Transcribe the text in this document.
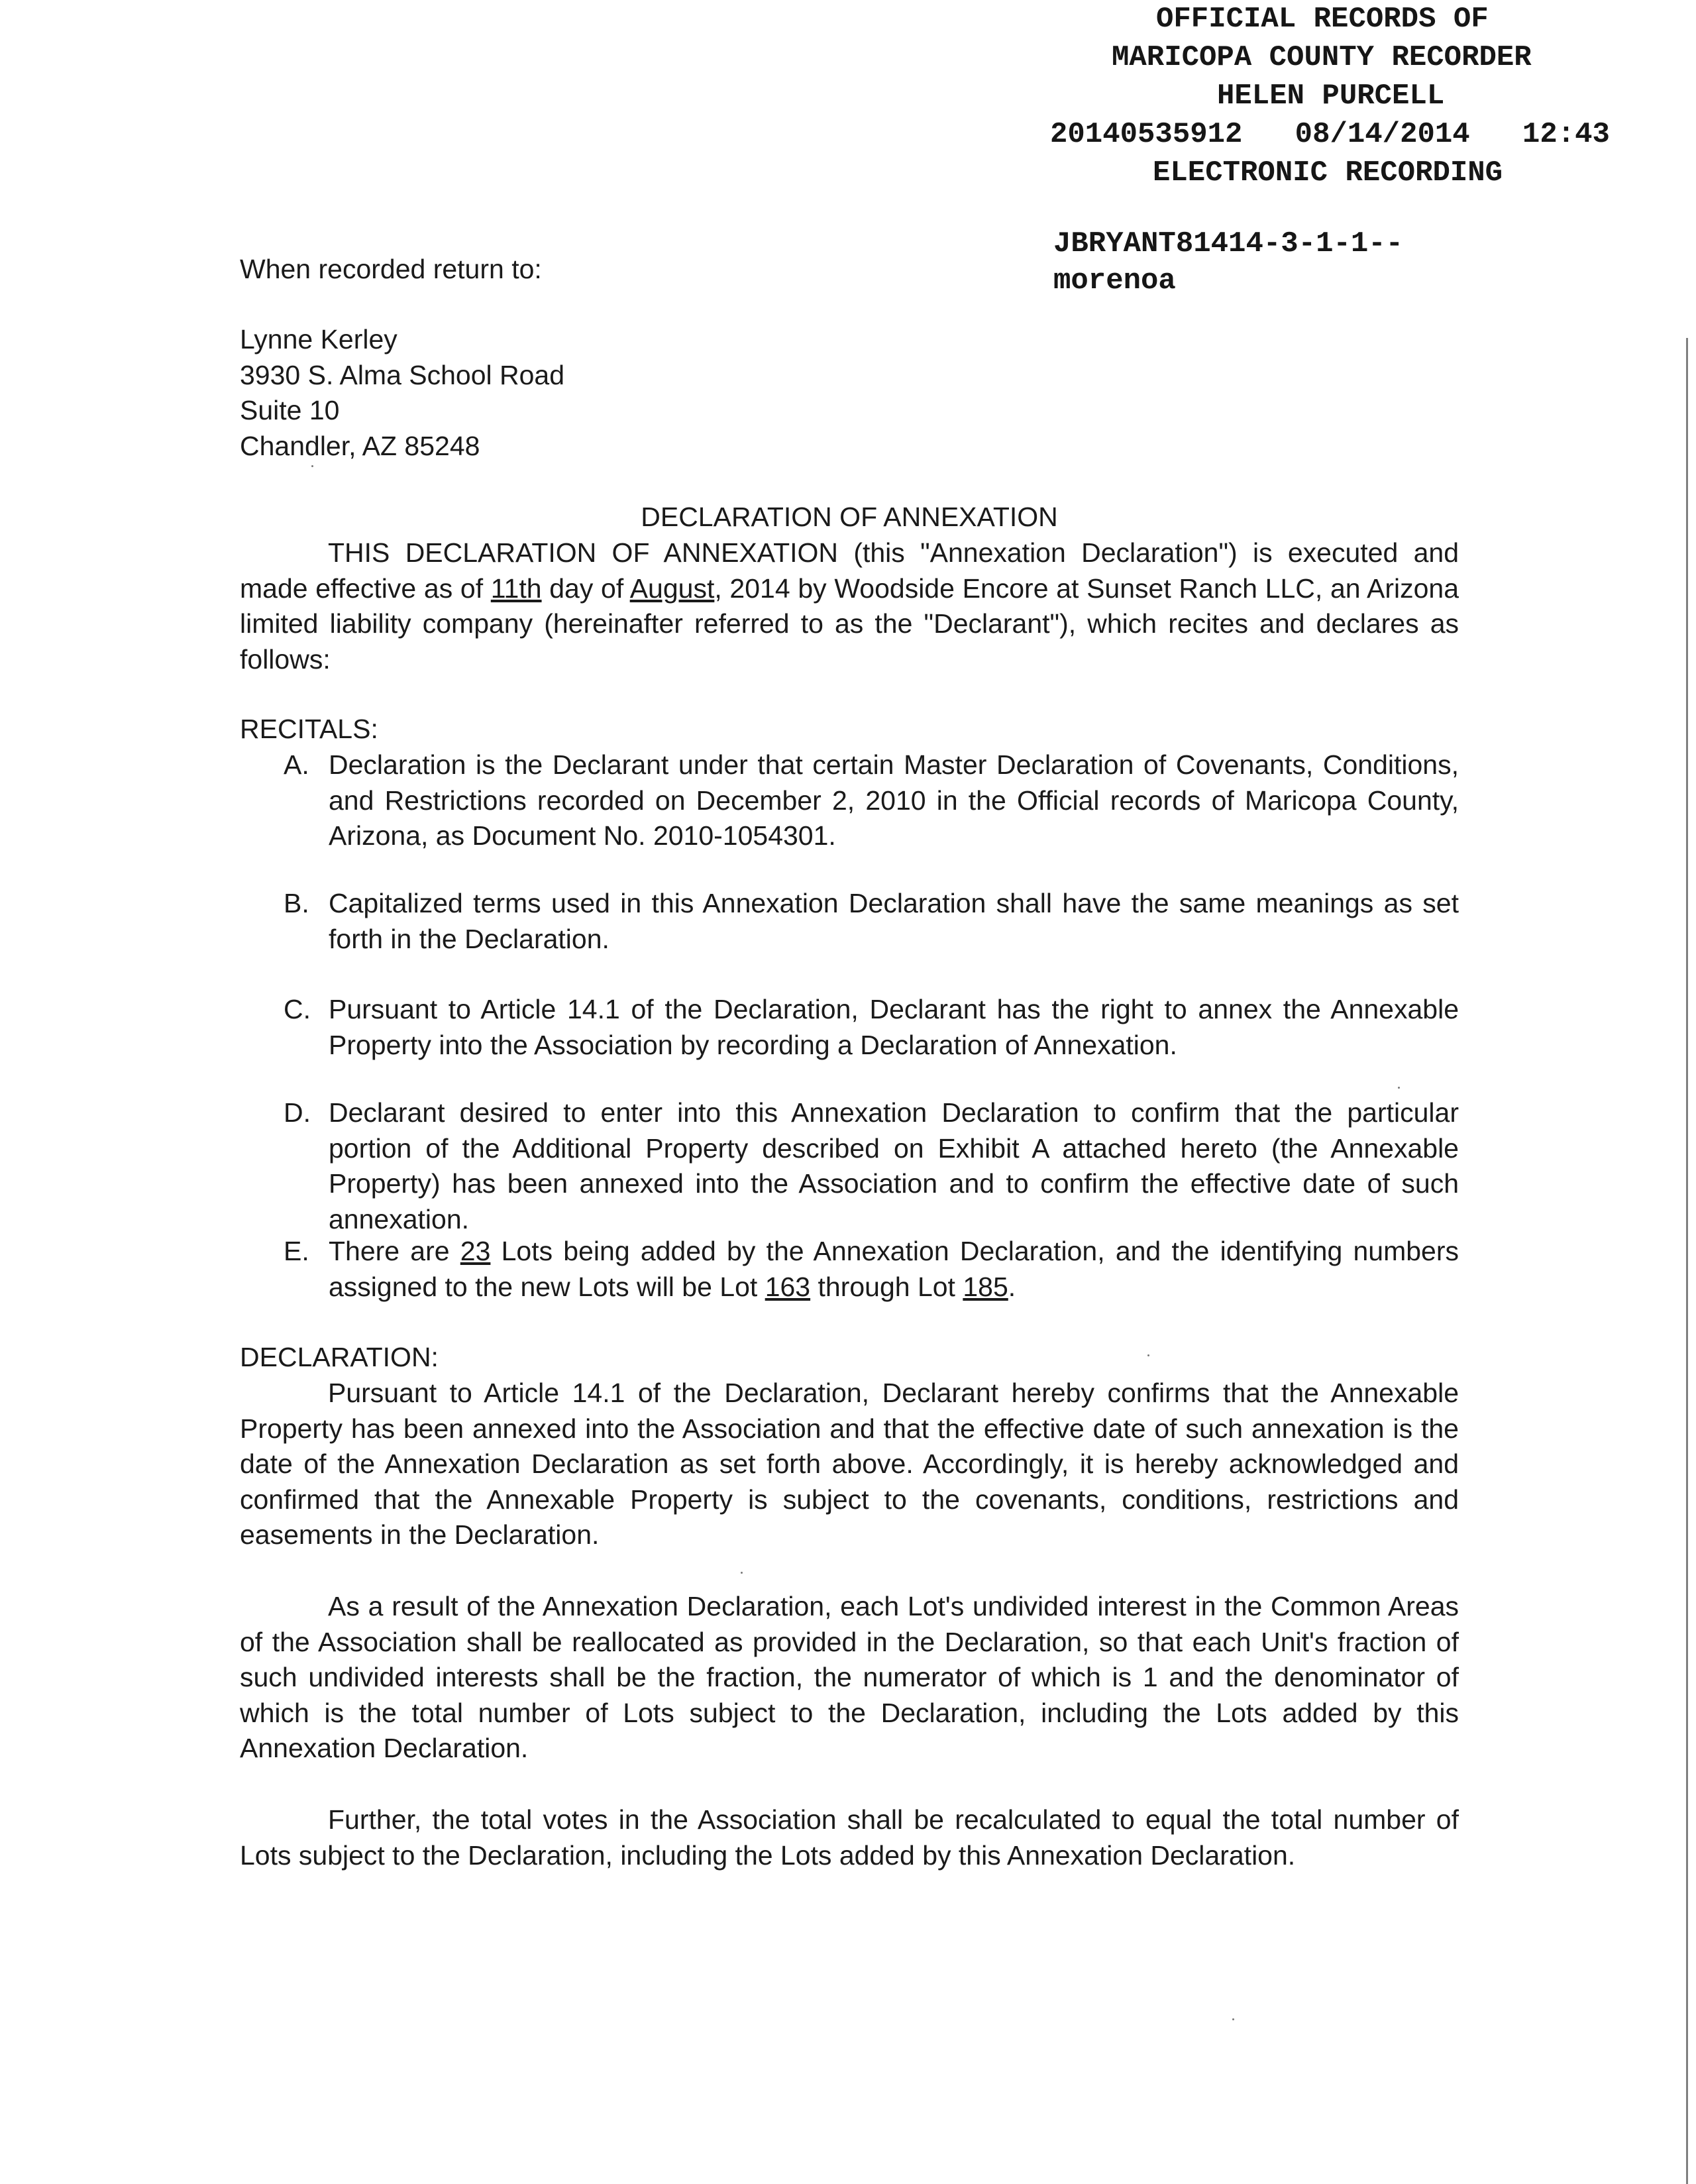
OFFICIAL RECORDS OF
MARICOPA COUNTY RECORDER
HELEN PURCELL
20140535912   08/14/2014   12:43
ELECTRONIC RECORDING
JBRYANT81414-3-1-1--
morenoa
When recorded return to:
Lynne Kerley
3930 S. Alma School Road
Suite 10
Chandler, AZ 85248
DECLARATION OF ANNEXATION
THIS DECLARATION OF ANNEXATION (this "Annexation Declaration") is executed and made effective as of 11th day of August, 2014 by Woodside Encore at Sunset Ranch LLC, an Arizona limited liability company (hereinafter referred to as the "Declarant"), which recites and declares as follows:
RECITALS:
A. Declaration is the Declarant under that certain Master Declaration of Covenants, Conditions, and Restrictions recorded on December 2, 2010 in the Official records of Maricopa County, Arizona, as Document No. 2010-1054301.
B. Capitalized terms used in this Annexation Declaration shall have the same meanings as set forth in the Declaration.
C. Pursuant to Article 14.1 of the Declaration, Declarant has the right to annex the Annexable Property into the Association by recording a Declaration of Annexation.
D. Declarant desired to enter into this Annexation Declaration to confirm that the particular portion of the Additional Property described on Exhibit A attached hereto (the Annexable Property) has been annexed into the Association and to confirm the effective date of such annexation.
E. There are 23 Lots being added by the Annexation Declaration, and the identifying numbers assigned to the new Lots will be Lot 163 through Lot 185.
DECLARATION:
Pursuant to Article 14.1 of the Declaration, Declarant hereby confirms that the Annexable Property has been annexed into the Association and that the effective date of such annexation is the date of the Annexation Declaration as set forth above. Accordingly, it is hereby acknowledged and confirmed that the Annexable Property is subject to the covenants, conditions, restrictions and easements in the Declaration.
As a result of the Annexation Declaration, each Lot's undivided interest in the Common Areas of the Association shall be reallocated as provided in the Declaration, so that each Unit's fraction of such undivided interests shall be the fraction, the numerator of which is 1 and the denominator of which is the total number of Lots subject to the Declaration, including the Lots added by this Annexation Declaration.
Further, the total votes in the Association shall be recalculated to equal the total number of Lots subject to the Declaration, including the Lots added by this Annexation Declaration.
